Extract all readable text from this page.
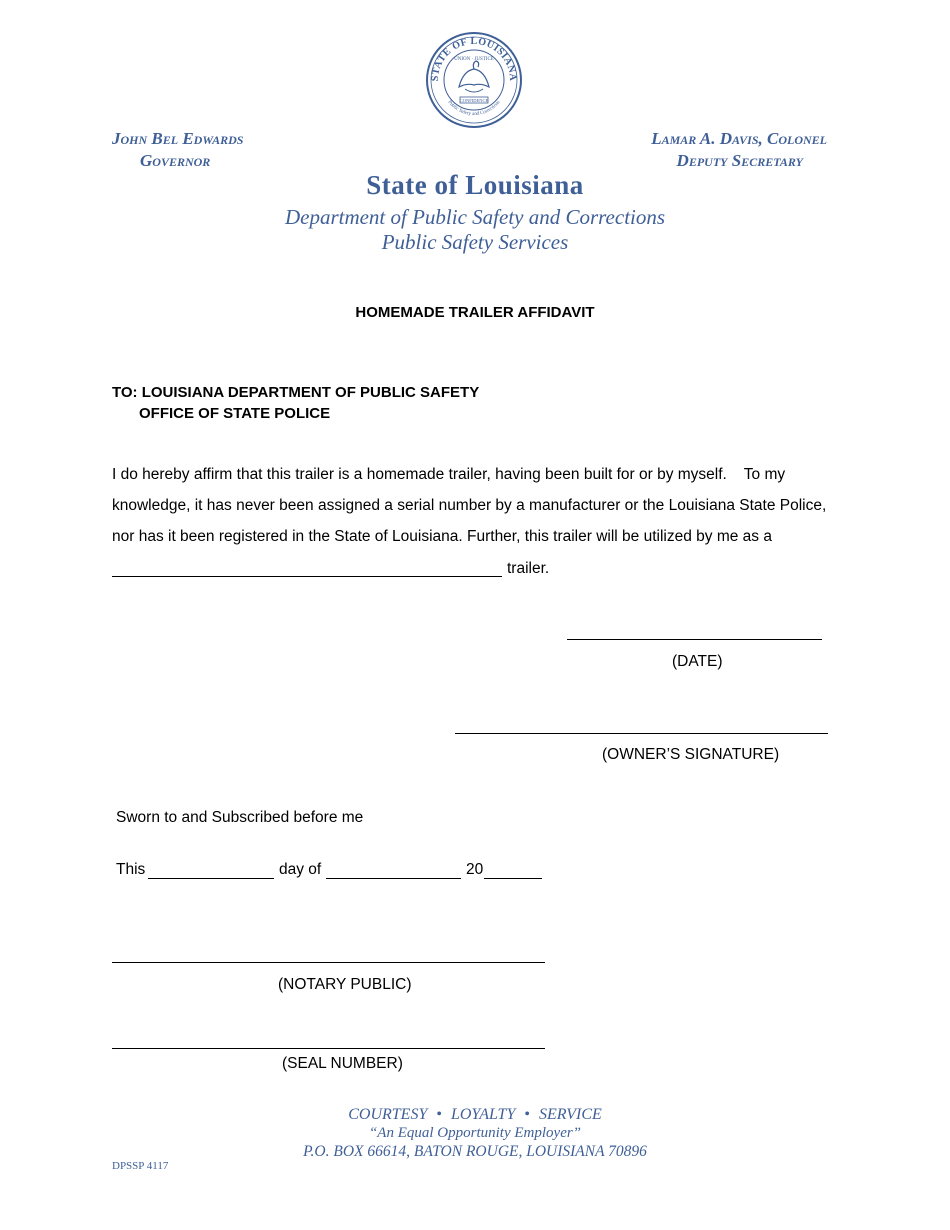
STATE OF LOUISIANA
Public Safety and Corrections
UNION · JUSTICE
CONFIDENCE
John Bel Edwards
Governor
Lamar A. Davis, Colonel
Deputy Secretary
State of Louisiana
Department of Public Safety and Corrections
Public Safety Services
HOMEMADE TRAILER AFFIDAVIT
TO: LOUISIANA DEPARTMENT OF PUBLIC SAFETY
OFFICE OF STATE POLICE
I do hereby affirm that this trailer is a homemade trailer, having been built for or by myself.    To my
knowledge, it has never been assigned a serial number by a manufacturer or the Louisiana State Police,
nor has it been registered in the State of Louisiana. Further, this trailer will be utilized by me as a
trailer.
(DATE)
(OWNER’S SIGNATURE)
Sworn to and Subscribed before me
This	day of	20
(NOTARY PUBLIC)
(SEAL NUMBER)
COURTESY • LOYALTY • SERVICE
“An Equal Opportunity Employer”
P.O. BOX 66614, BATON ROUGE, LOUISIANA 70896
DPSSP 4117
